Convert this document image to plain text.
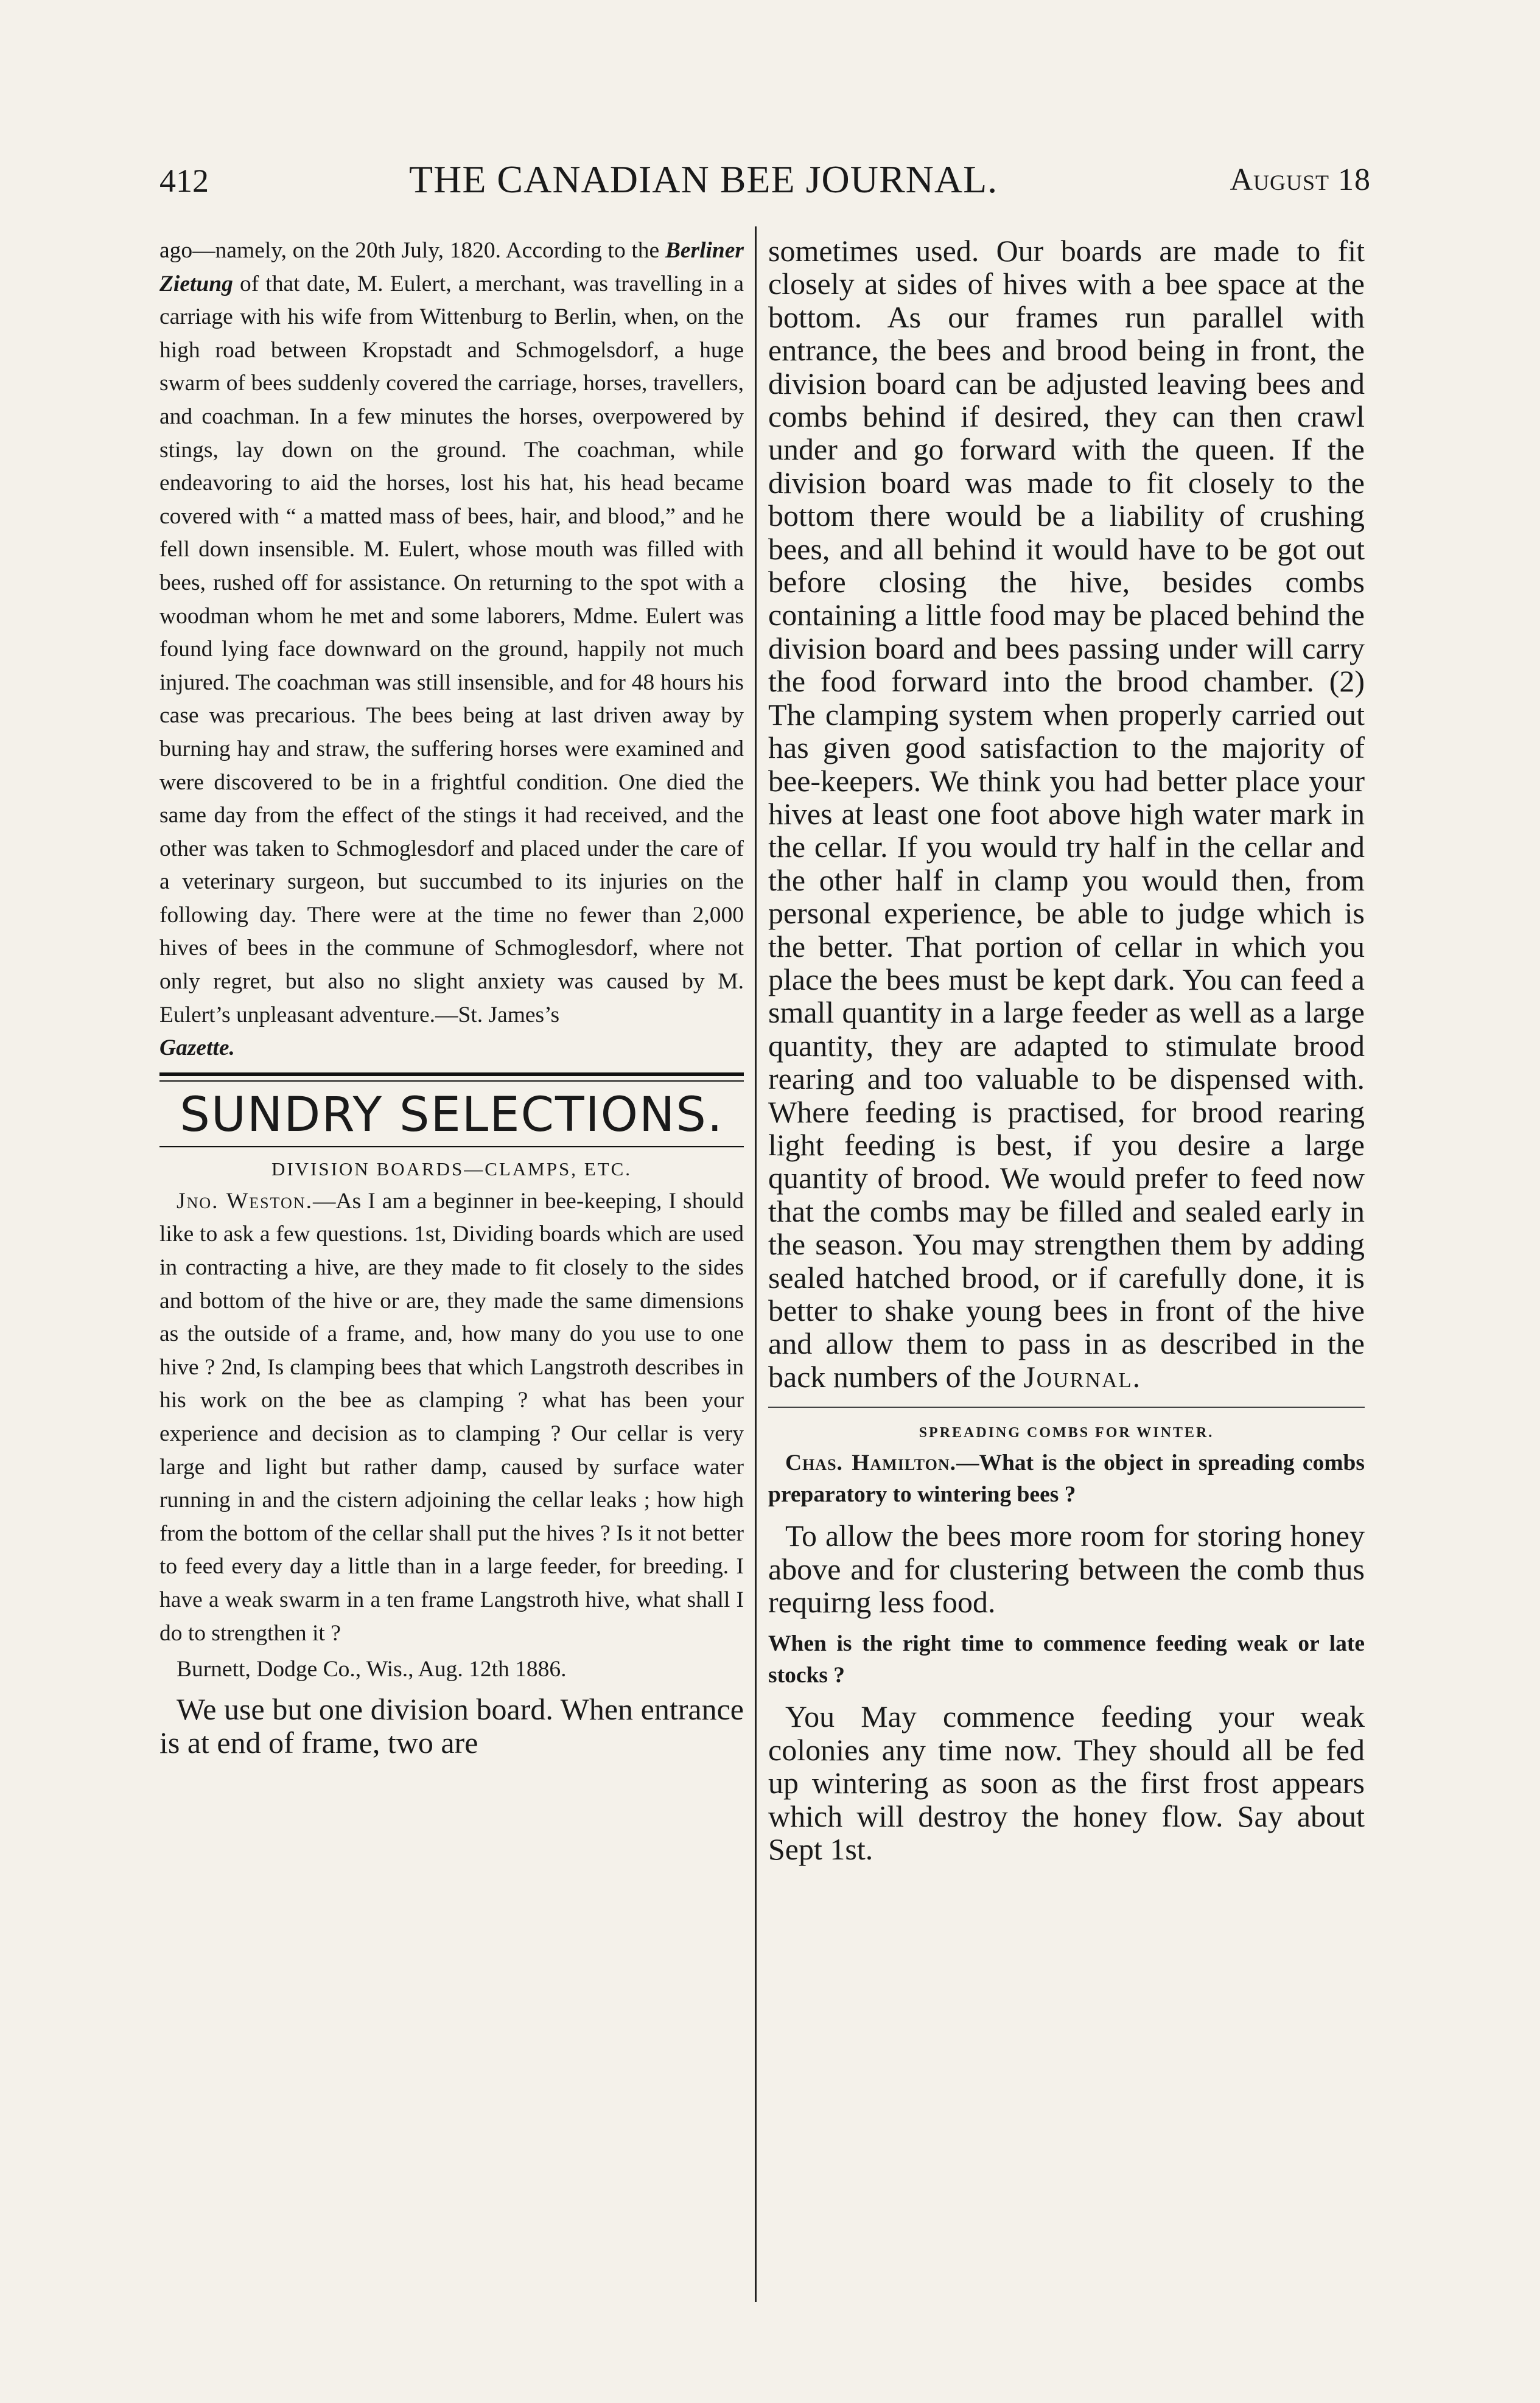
412	THE CANADIAN BEE JOURNAL.	August 18

ago—namely, on the 20th July, 1820. According to the Berliner Zietung of that date, M. Eulert, a merchant, was travelling in a carriage with his wife from Wittenburg to Berlin, when, on the high road between Kropstadt and Schmogelsdorf, a huge swarm of bees suddenly covered the carriage, horses, travellers, and coachman. In a few minutes the horses, overpowered by stings, lay down on the ground. The coachman, while endeavoring to aid the horses, lost his hat, his head became covered with “ a matted mass of bees, hair, and blood,” and he fell down insensible. M. Eulert, whose mouth was filled with bees, rushed off for assistance. On returning to the spot with a woodman whom he met and some laborers, Mdme. Eulert was found lying face downward on the ground, happily not much injured. The coachman was still insensible, and for 48 hours his case was precarious. The bees being at last driven away by burning hay and straw, the suffering horses were examined and were discovered to be in a frightful condition. One died the same day from the effect of the stings it had received, and the other was taken to Schmoglesdorf and placed under the care of a veterinary surgeon, but succumbed to its injuries on the following day. There were at the time no fewer than 2,000 hives of bees in the commune of Schmoglesdorf, where not only regret, but also no slight anxiety was caused by M. Eulert’s unpleasant adventure.—St. James’s
Gazette.

SUNDRY SELECTIONS.
DIVISION BOARDS—CLAMPS, ETC.

Jno. Weston.—As I am a beginner in bee-keeping, I should like to ask a few questions. 1st, Dividing boards which are used in contracting a hive, are they made to fit closely to the sides and bottom of the hive or are, they made the same dimensions as the outside of a frame, and, how many do you use to one hive ? 2nd, Is clamping bees that which Langstroth describes in his work on the bee as clamping ? what has been your experience and decision as to clamping ? Our cellar is very large and light but rather damp, caused by surface water running in and the cistern adjoining the cellar leaks ; how high from the bottom of the cellar shall put the hives ? Is it not better to feed every day a little than in a large feeder, for breeding. I have a weak swarm in a ten frame Langstroth hive, what shall I do to strengthen it ?

Burnett, Dodge Co., Wis., Aug. 12th 1886.

We use but one division board. When entrance is at end of frame, two are

sometimes used. Our boards are made to fit closely at sides of hives with a bee space at the bottom. As our frames run parallel with entrance, the bees and brood being in front, the division board can be adjusted leaving bees and combs behind if desired, they can then crawl under and go forward with the queen. If the division board was made to fit closely to the bottom there would be a liability of crushing bees, and all behind it would have to be got out before closing the hive, besides combs containing a little food may be placed behind the division board and bees passing under will carry the food forward into the brood chamber. (2) The clamping system when properly carried out has given good satisfaction to the majority of bee-keepers. We think you had better place your hives at least one foot above high water mark in the cellar. If you would try half in the cellar and the other half in clamp you would then, from personal experience, be able to judge which is the better. That portion of cellar in which you place the bees must be kept dark. You can feed a small quantity in a large feeder as well as a large quantity, they are adapted to stimulate brood rearing and too valuable to be dispensed with. Where feeding is practised, for brood rearing light feeding is best, if you desire a large quantity of brood. We would prefer to feed now that the combs may be filled and sealed early in the season. You may strengthen them by adding sealed hatched brood, or if carefully done, it is better to shake young bees in front of the hive and allow them to pass in as described in the back numbers of the Journal.

SPREADING COMBS FOR WINTER.

Chas. Hamilton.—What is the object in spreading combs preparatory to wintering bees ?

To allow the bees more room for storing honey above and for clustering between the comb thus requirng less food.

When is the right time to commence feeding weak or late stocks ?

You May commence feeding your weak colonies any time now. They should all be fed up wintering as soon as the first frost appears which will destroy the honey flow. Say about Sept 1st.
